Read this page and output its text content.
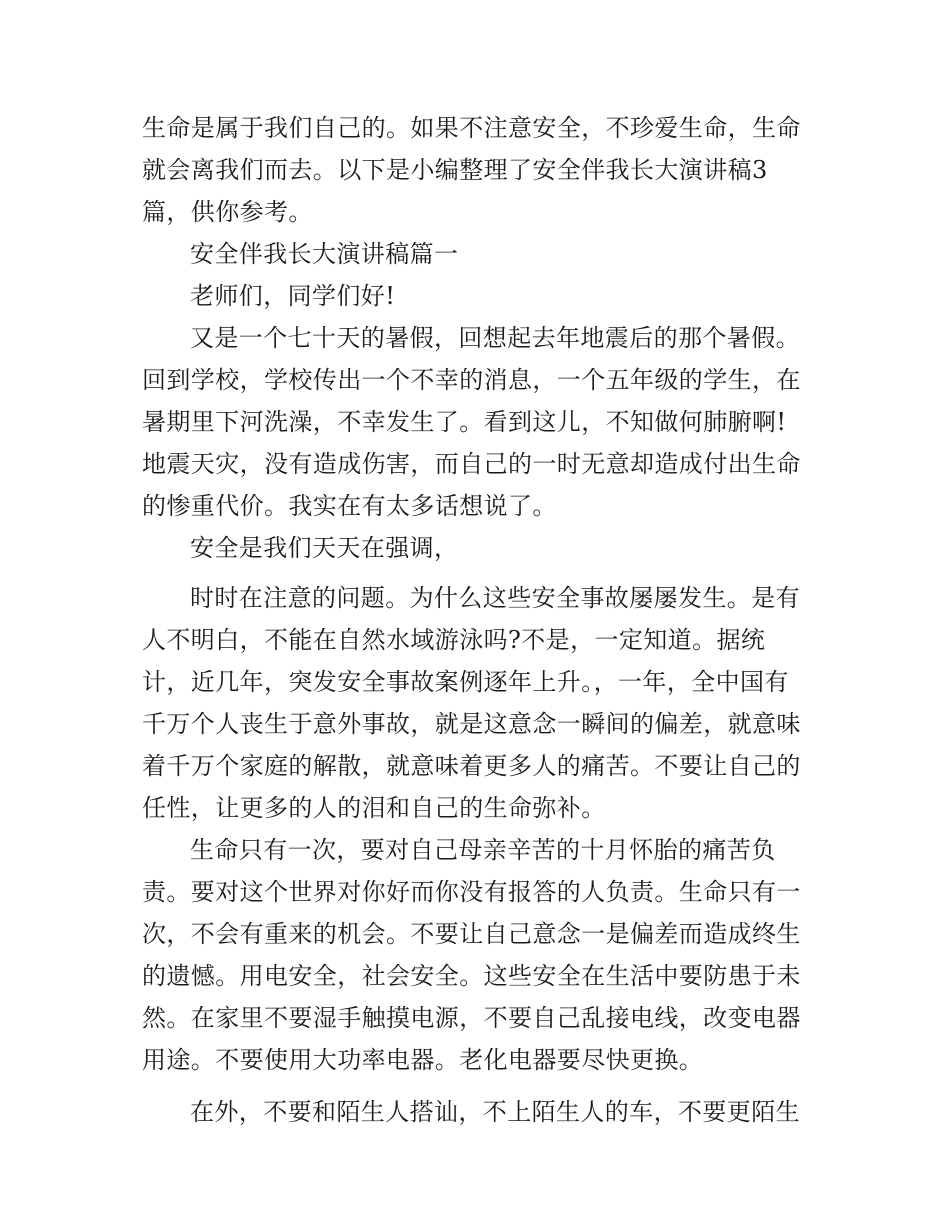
生命是属于我们自己的。如果不注意安全，不珍爱生命，生命
就会离我们而去。以下是小编整理了安全伴我长大演讲稿3
篇，供你参考。
安全伴我长大演讲稿篇一
老师们，同学们好!
又是一个七十天的暑假，回想起去年地震后的那个暑假。
回到学校，学校传出一个不幸的消息，一个五年级的学生，在
暑期里下河洗澡，不幸发生了。看到这儿，不知做何肺腑啊!
地震天灾，没有造成伤害，而自己的一时无意却造成付出生命
的惨重代价。我实在有太多话想说了。
安全是我们天天在强调，
时时在注意的问题。为什么这些安全事故屡屡发生。是有
人不明白，不能在自然水域游泳吗?不是，一定知道。据统
计，近几年，突发安全事故案例逐年上升。，一年，全中国有
千万个人丧生于意外事故，就是这意念一瞬间的偏差，就意味
着千万个家庭的解散，就意味着更多人的痛苦。不要让自己的
任性，让更多的人的泪和自己的生命弥补。
生命只有一次，要对自己母亲辛苦的十月怀胎的痛苦负
责。要对这个世界对你好而你没有报答的人负责。生命只有一
次，不会有重来的机会。不要让自己意念一是偏差而造成终生
的遗憾。用电安全，社会安全。这些安全在生活中要防患于未
然。在家里不要湿手触摸电源，不要自己乱接电线，改变电器
用途。不要使用大功率电器。老化电器要尽快更换。
在外，不要和陌生人搭讪，不上陌生人的车，不要更陌生
